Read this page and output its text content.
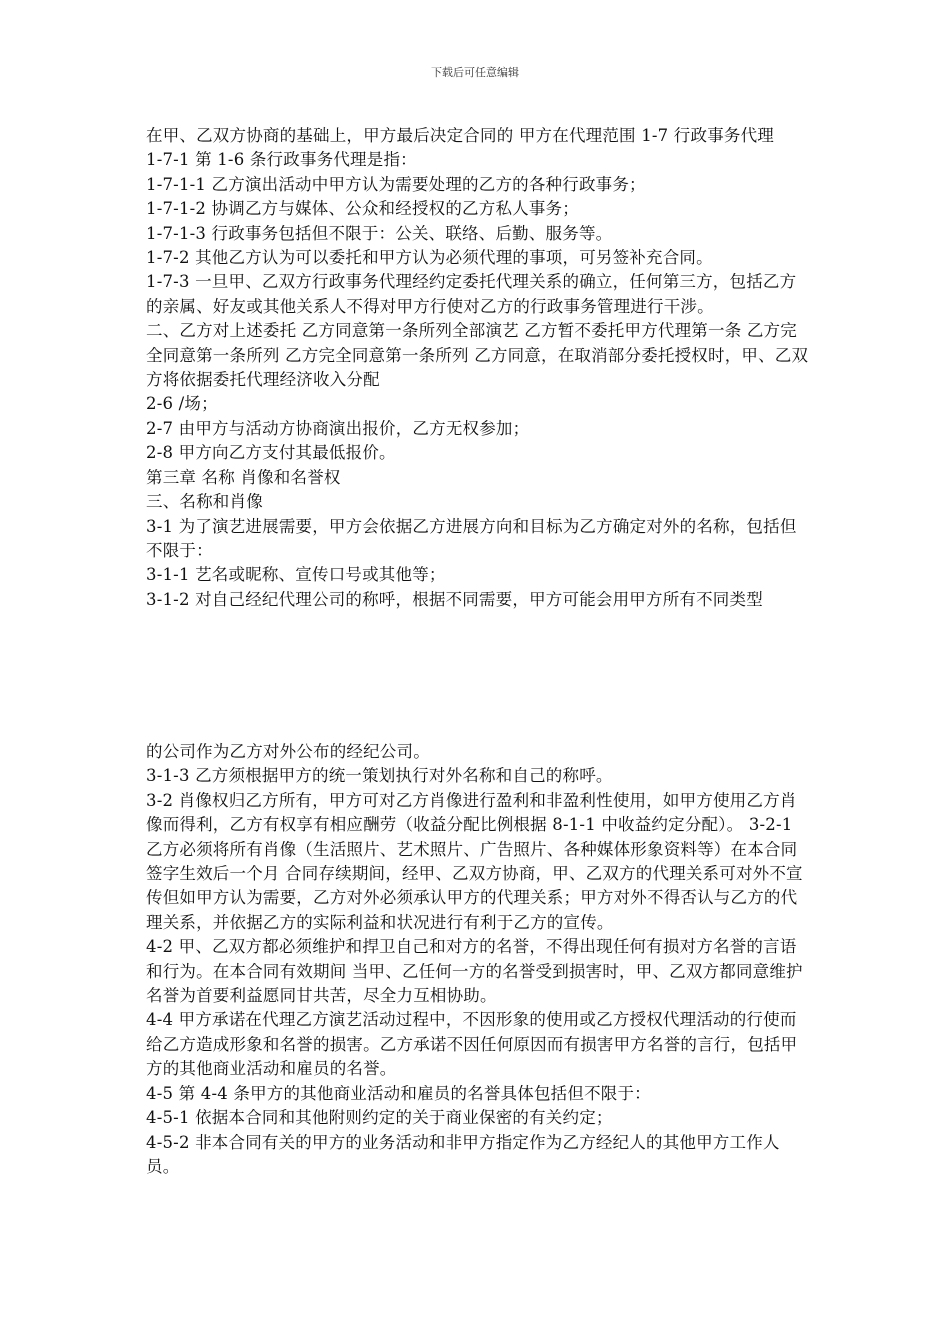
下载后可任意编辑

在甲、乙双方协商的基础上，甲方最后决定合同的 甲方在代理范围 1-7 行政事务代理

1-7-1 第 1-6 条行政事务代理是指：

1-7-1-1 乙方演出活动中甲方认为需要处理的乙方的各种行政事务；

1-7-1-2 协调乙方与媒体、公众和经授权的乙方私人事务；

1-7-1-3 行政事务包括但不限于：公关、联络、后勤、服务等。

1-7-2 其他乙方认为可以委托和甲方认为必须代理的事项，可另签补充合同。

1-7-3 一旦甲、乙双方行政事务代理经约定委托代理关系的确立，任何第三方，包括乙方的亲属、好友或其他关系人不得对甲方行使对乙方的行政事务管理进行干涉。

二、乙方对上述委托 乙方同意第一条所列全部演艺 乙方暂不委托甲方代理第一条 乙方完全同意第一条所列 乙方完全同意第一条所列 乙方同意，在取消部分委托授权时，甲、乙双方将依据委托代理经济收入分配

2-6 /场；

2-7 由甲方与活动方协商演出报价，乙方无权参加；

2-8 甲方向乙方支付其最低报价。

第三章 名称 肖像和名誉权

三、名称和肖像

3-1 为了演艺进展需要，甲方会依据乙方进展方向和目标为乙方确定对外的名称，包括但不限于：

3-1-1 艺名或昵称、宣传口号或其他等；

3-1-2 对自己经纪代理公司的称呼，根据不同需要，甲方可能会用甲方所有不同类型

的公司作为乙方对外公布的经纪公司。

3-1-3 乙方须根据甲方的统一策划执行对外名称和自己的称呼。

3-2 肖像权归乙方所有，甲方可对乙方肖像进行盈利和非盈利性使用，如甲方使用乙方肖像而得利，乙方有权享有相应酬劳（收益分配比例根据 8-1-1 中收益约定分配）。 3-2-1 乙方必须将所有肖像（生活照片、艺术照片、广告照片、各种媒体形象资料等）在本合同签字生效后一个月 合同存续期间，经甲、乙双方协商，甲、乙双方的代理关系可对外不宣传但如甲方认为需要，乙方对外必须承认甲方的代理关系；甲方对外不得否认与乙方的代理关系，并依据乙方的实际利益和状况进行有利于乙方的宣传。

4-2 甲、乙双方都必须维护和捍卫自己和对方的名誉，不得出现任何有损对方名誉的言语和行为。在本合同有效期间 当甲、乙任何一方的名誉受到损害时，甲、乙双方都同意维护名誉为首要利益愿同甘共苦，尽全力互相协助。

4-4 甲方承诺在代理乙方演艺活动过程中，不因形象的使用或乙方授权代理活动的行使而给乙方造成形象和名誉的损害。乙方承诺不因任何原因而有损害甲方名誉的言行，包括甲方的其他商业活动和雇员的名誉。

4-5 第 4-4 条甲方的其他商业活动和雇员的名誉具体包括但不限于：

4-5-1 依据本合同和其他附则约定的关于商业保密的有关约定；

4-5-2 非本合同有关的甲方的业务活动和非甲方指定作为乙方经纪人的其他甲方工作人员。
